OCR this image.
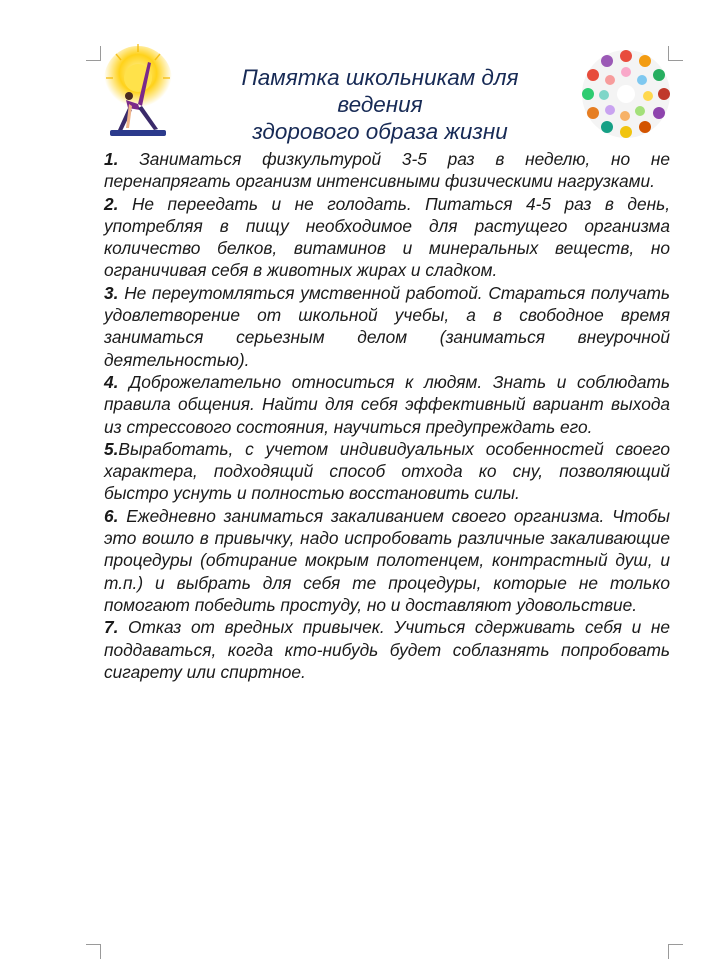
Памятка школьникам для
ведения
здорового образа жизни

1. Заниматься физкультурой 3-5 раз в неделю, но не перенапрягать организм интенсивными физическими нагрузками.

2. Не переедать и не голодать. Питаться 4-5 раз в день, употребляя в пищу необходимое для растущего организма количество белков, витаминов и минеральных веществ, но ограничивая себя в животных жирах и сладком.

3. Не переутомляться умственной работой. Стараться получать удовлетворение от школьной учебы, а в свободное время заниматься серьезным делом (заниматься внеурочной деятельностью).

4. Доброжелательно относиться к людям. Знать и соблюдать правила общения. Найти для себя эффективный вариант выхода из стрессового состояния, научиться предупреждать его.

5.Выработать, с учетом индивидуальных особенностей своего характера, подходящий способ отхода ко сну, позволяющий быстро уснуть и полностью восстановить силы.

6. Ежедневно заниматься закаливанием своего организма. Чтобы это вошло в привычку, надо испробовать различные закаливающие процедуры (обтирание мокрым полотенцем, контрастный душ, и т.п.) и выбрать для себя те процедуры, которые не только помогают победить простуду, но и доставляют удовольствие.

7. Отказ от вредных привычек. Учиться сдерживать себя и не поддаваться, когда кто-нибудь будет соблазнять попробовать сигарету или спиртное.
